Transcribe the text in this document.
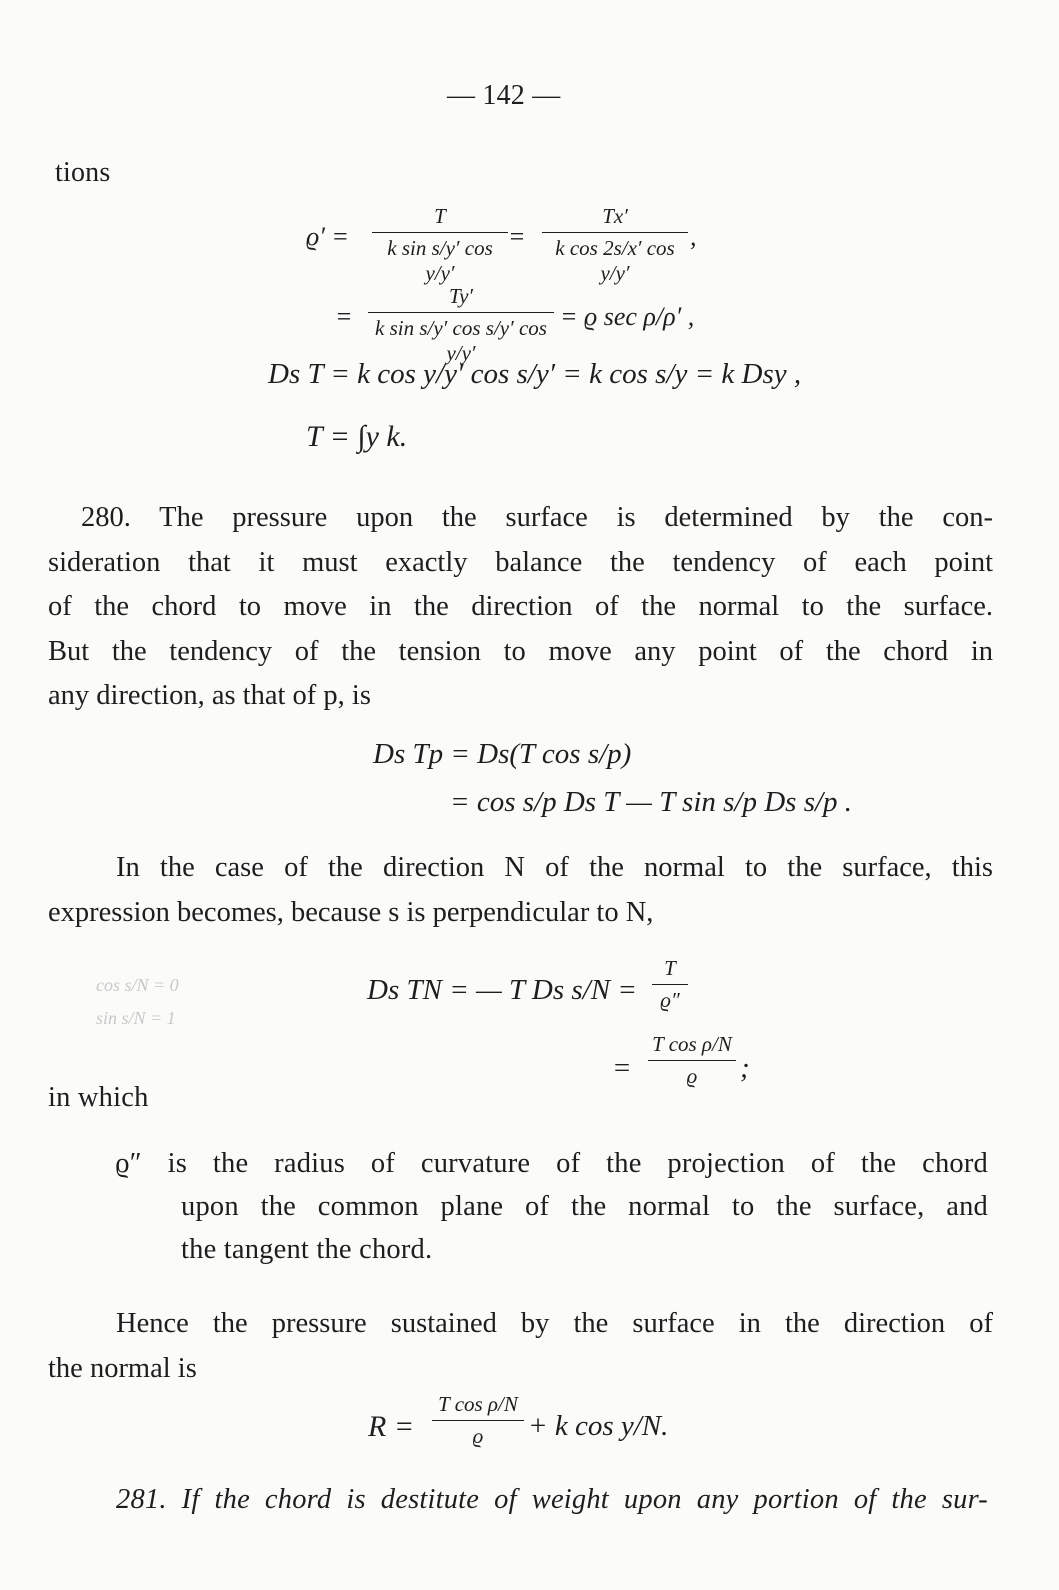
— 142 —
tions
ϱ′ =
T
k sin s/y′ cos y/y′
=
Tx′
k cos 2s/x′ cos y/y′
,
=
Ty′
k sin s/y′ cos s/y′ cos y/y′
= ϱ sec ρ/ρ′ ,
Ds T = k cos y/y′ cos s/y′ = k cos s/y = k Dsy ,
T = ∫y k.
280. The pressure upon the surface is determined by the con-
sideration that it must exactly balance the tendency of each point
of the chord to move in the direction of the normal to the surface.
But the tendency of the tension to move any point of the chord in
any direction, as that of p, is
Ds Tp = Ds(T cos s/p)
= cos s/p Ds T — T sin s/p Ds s/p .
In the case of the direction N of the normal to the surface, this
expression becomes, because s is perpendicular to N,
Ds TN = — T Ds s/N =
T
ϱ″
=
T cos ρ/N
ϱ	;
cos s/N = 0
sin s/N = 1
in which
ϱ″ is the radius of curvature of the projection of the chord
upon the common plane of the normal to the surface, and
the tangent the chord.
Hence the pressure sustained by the surface in the direction of
the normal is
R =
T cos ρ/N
ϱ	+ k cos y/N.
281. If the chord is destitute of weight upon any portion of the sur-
